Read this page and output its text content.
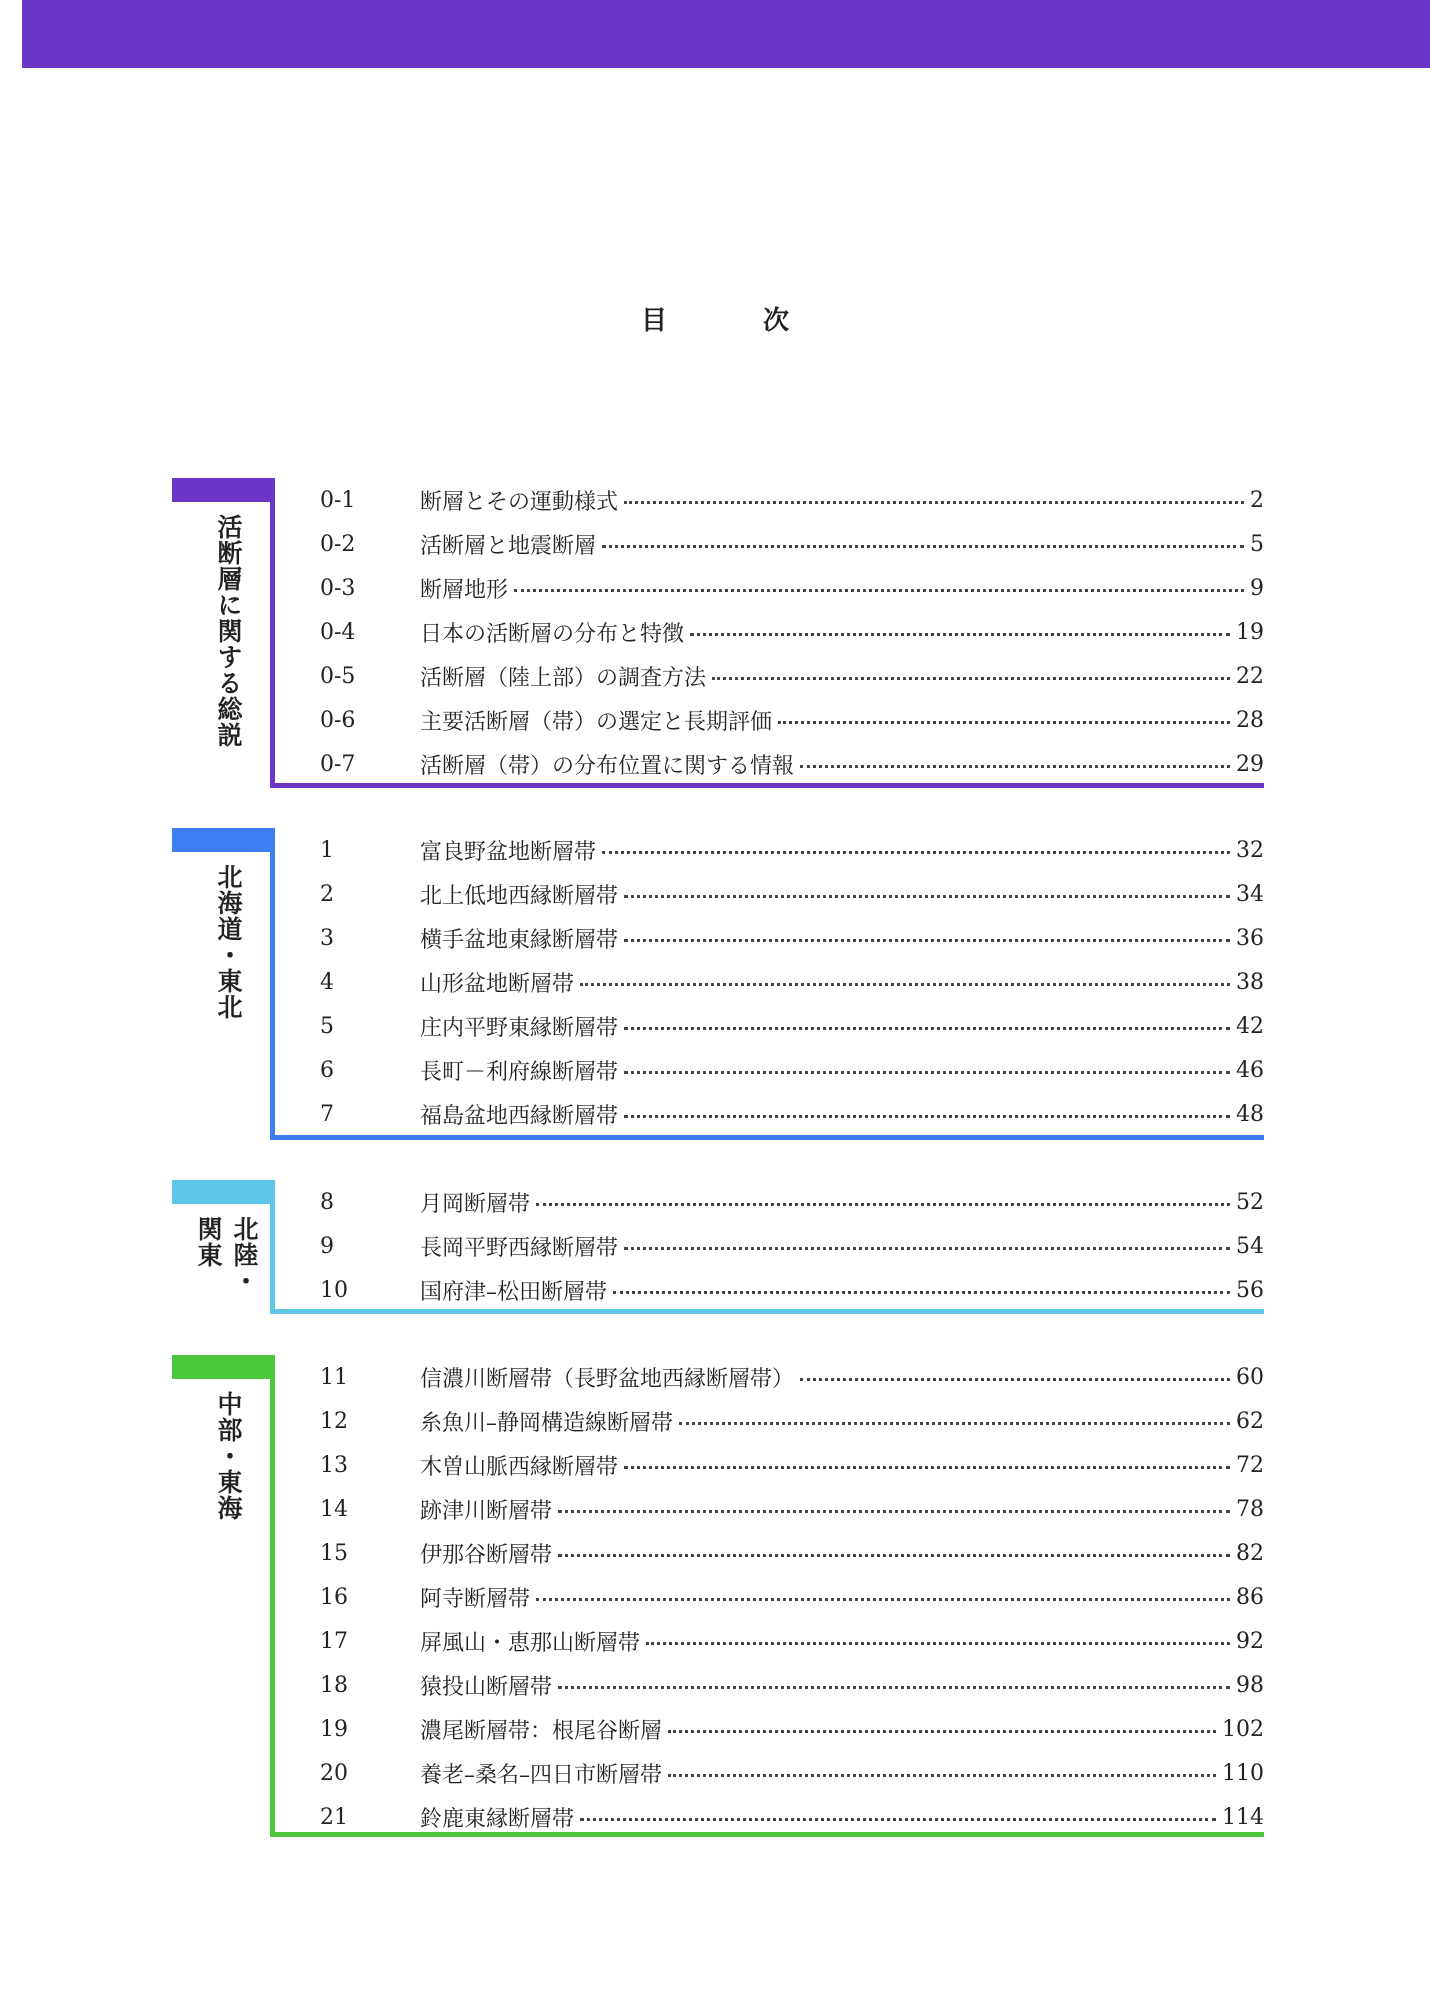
目	次
活断層に関する総説
0-1	断層とその運動様式	2
0-2	活断層と地震断層	5
0-3	断層地形	9
0-4	日本の活断層の分布と特徴	19
0-5	活断層（陸上部）の調査方法	22
0-6	主要活断層（帯）の選定と長期評価	28
0-7	活断層（帯）の分布位置に関する情報	29
北海道・東北
1	富良野盆地断層帯	32
2	北上低地西縁断層帯	34
3	横手盆地東縁断層帯	36
4	山形盆地断層帯	38
5	庄内平野東縁断層帯	42
6	長町－利府線断層帯	46
7	福島盆地西縁断層帯	48
北陸・
関東
8	月岡断層帯	52
9	長岡平野西縁断層帯	54
10	国府津–松田断層帯	56
中部・東海
11	信濃川断層帯（長野盆地西縁断層帯）	60
12	糸魚川–静岡構造線断層帯	62
13	木曽山脈西縁断層帯	72
14	跡津川断層帯	78
15	伊那谷断層帯	82
16	阿寺断層帯	86
17	屏風山・恵那山断層帯	92
18	猿投山断層帯	98
19	濃尾断層帯：根尾谷断層	102
20	養老–桑名–四日市断層帯	110
21	鈴鹿東縁断層帯	114
